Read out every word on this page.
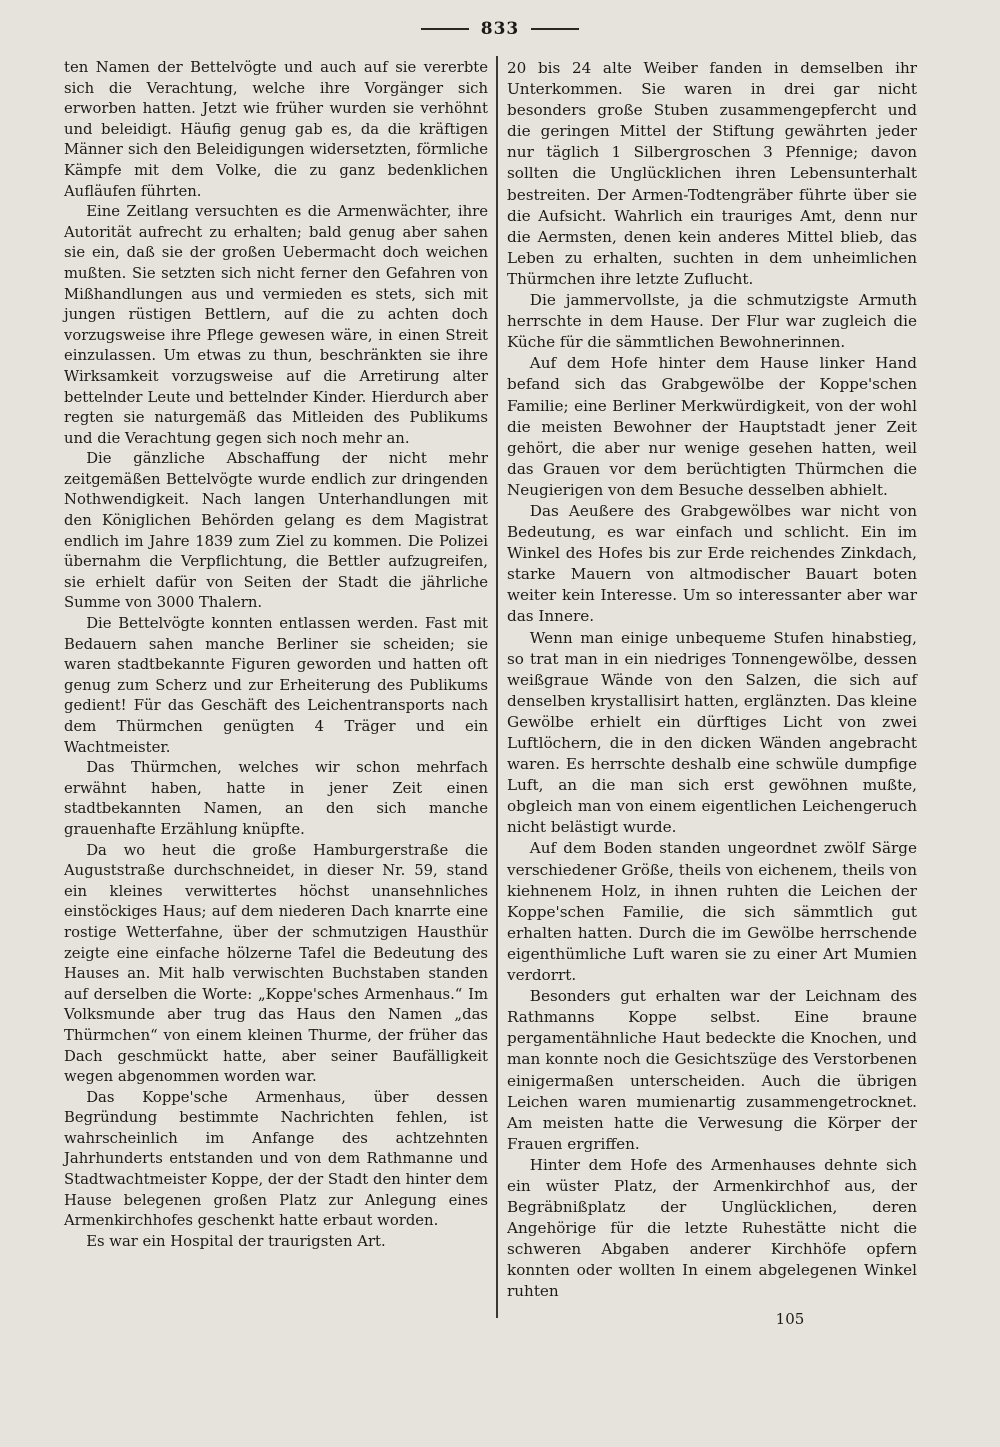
833

ten Namen der Bettelvögte und auch auf sie vererbte sich die Verachtung, welche ihre Vorgänger sich erworben hatten. Jetzt wie früher wurden sie verhöhnt und beleidigt. Häufig genug gab es, da die kräftigen Männer sich den Beleidigungen widersetzten, förmliche Kämpfe mit dem Volke, die zu ganz bedenklichen Aufläufen führten.

Eine Zeitlang versuchten es die Armenwächter, ihre Autorität aufrecht zu erhalten; bald genug aber sahen sie ein, daß sie der großen Uebermacht doch weichen mußten. Sie setzten sich nicht ferner den Gefahren von Mißhandlungen aus und vermieden es stets, sich mit jungen rüstigen Bettlern, auf die zu achten doch vorzugsweise ihre Pflege gewesen wäre, in einen Streit einzulassen. Um etwas zu thun, beschränkten sie ihre Wirksamkeit vorzugsweise auf die Arretirung alter bettelnder Leute und bettelnder Kinder. Hierdurch aber regten sie naturgemäß das Mitleiden des Publikums und die Verachtung gegen sich noch mehr an.

Die gänzliche Abschaffung der nicht mehr zeitgemäßen Bettelvögte wurde endlich zur dringenden Nothwendigkeit. Nach langen Unterhandlungen mit den Königlichen Behörden gelang es dem Magistrat endlich im Jahre 1839 zum Ziel zu kommen. Die Polizei übernahm die Verpflichtung, die Bettler aufzugreifen, sie erhielt dafür von Seiten der Stadt die jährliche Summe von 3000 Thalern.

Die Bettelvögte konnten entlassen werden. Fast mit Bedauern sahen manche Berliner sie scheiden; sie waren stadtbekannte Figuren geworden und hatten oft genug zum Scherz und zur Erheiterung des Publikums gedient! Für das Geschäft des Leichentransports nach dem Thürmchen genügten 4 Träger und ein Wachtmeister.

Das Thürmchen, welches wir schon mehrfach erwähnt haben, hatte in jener Zeit einen stadtbekannten Namen, an den sich manche grauenhafte Erzählung knüpfte.

Da wo heut die große Hamburgerstraße die Auguststraße durchschneidet, in dieser Nr. 59, stand ein kleines verwittertes höchst unansehnliches einstöckiges Haus; auf dem niederen Dach knarrte eine rostige Wetterfahne, über der schmutzigen Hausthür zeigte eine einfache hölzerne Tafel die Bedeutung des Hauses an. Mit halb verwischten Buchstaben standen auf derselben die Worte: „Koppe'sches Armenhaus.“ Im Volksmunde aber trug das Haus den Namen „das Thürmchen“ von einem kleinen Thurme, der früher das Dach geschmückt hatte, aber seiner Baufälligkeit wegen abgenommen worden war.

Das Koppe'sche Armenhaus, über dessen Begründung bestimmte Nachrichten fehlen, ist wahrscheinlich im Anfange des achtzehnten Jahrhunderts entstanden und von dem Rathmanne und Stadtwachtmeister Koppe, der der Stadt den hinter dem Hause belegenen großen Platz zur Anlegung eines Armenkirchhofes geschenkt hatte erbaut worden.

Es war ein Hospital der traurigsten Art.

20 bis 24 alte Weiber fanden in demselben ihr Unterkommen. Sie waren in drei gar nicht besonders große Stuben zusammengepfercht und die geringen Mittel der Stiftung gewährten jeder nur täglich 1 Silbergroschen 3 Pfennige; davon sollten die Unglücklichen ihren Lebensunterhalt bestreiten. Der Armen-Todtengräber führte über sie die Aufsicht. Wahrlich ein trauriges Amt, denn nur die Aermsten, denen kein anderes Mittel blieb, das Leben zu erhalten, suchten in dem unheimlichen Thürmchen ihre letzte Zuflucht.

Die jammervollste, ja die schmutzigste Armuth herrschte in dem Hause. Der Flur war zugleich die Küche für die sämmtlichen Bewohnerinnen.

Auf dem Hofe hinter dem Hause linker Hand befand sich das Grabgewölbe der Koppe'schen Familie; eine Berliner Merkwürdigkeit, von der wohl die meisten Bewohner der Hauptstadt jener Zeit gehört, die aber nur wenige gesehen hatten, weil das Grauen vor dem berüchtigten Thürmchen die Neugierigen von dem Besuche desselben abhielt.

Das Aeußere des Grabgewölbes war nicht von Bedeutung, es war einfach und schlicht. Ein im Winkel des Hofes bis zur Erde reichendes Zinkdach, starke Mauern von altmodischer Bauart boten weiter kein Interesse. Um so interessanter aber war das Innere.

Wenn man einige unbequeme Stufen hinabstieg, so trat man in ein niedriges Tonnengewölbe, dessen weißgraue Wände von den Salzen, die sich auf denselben krystallisirt hatten, erglänzten. Das kleine Gewölbe erhielt ein dürftiges Licht von zwei Luftlöchern, die in den dicken Wänden angebracht waren. Es herrschte deshalb eine schwüle dumpfige Luft, an die man sich erst gewöhnen mußte, obgleich man von einem eigentlichen Leichengeruch nicht belästigt wurde.

Auf dem Boden standen ungeordnet zwölf Särge verschiedener Größe, theils von eichenem, theils von kiehnenem Holz, in ihnen ruhten die Leichen der Koppe'schen Familie, die sich sämmtlich gut erhalten hatten. Durch die im Gewölbe herrschende eigenthümliche Luft waren sie zu einer Art Mumien verdorrt.

Besonders gut erhalten war der Leichnam des Rathmanns Koppe selbst. Eine braune pergamentähnliche Haut bedeckte die Knochen, und man konnte noch die Gesichtszüge des Verstorbenen einigermaßen unterscheiden. Auch die übrigen Leichen waren mumienartig zusammengetrocknet. Am meisten hatte die Verwesung die Körper der Frauen ergriffen.

Hinter dem Hofe des Armenhauses dehnte sich ein wüster Platz, der Armenkirchhof aus, der Begräbnißplatz der Unglücklichen, deren Angehörige für die letzte Ruhestätte nicht die schweren Abgaben anderer Kirchhöfe opfern konnten oder wollten In einem abgelegenen Winkel ruhten

105
